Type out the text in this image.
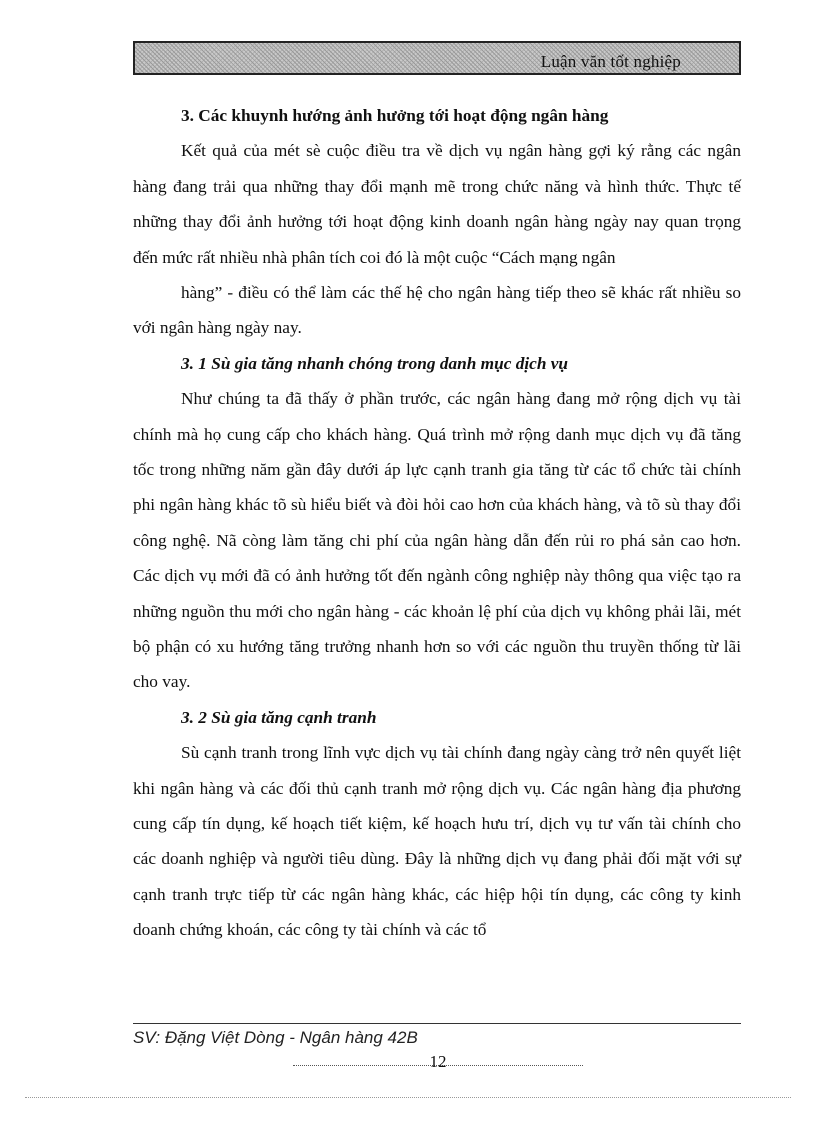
Luận văn tốt nghiệp
3. Các khuynh hướng ảnh hưởng tới hoạt động ngân hàng

Kết quả của mét sè cuộc điều tra về dịch vụ ngân hàng gợi ký rằng các ngân hàng đang trải qua những thay đổi mạnh mẽ trong chức năng và hình thức. Thực tế những thay đổi ảnh hưởng tới hoạt động kinh doanh ngân hàng ngày nay quan trọng đến mức rất nhiều nhà phân tích coi đó là một cuộc “Cách mạng ngân

hàng” - điều có thể làm các thế hệ cho ngân hàng tiếp theo sẽ khác rất nhiều so với ngân hàng ngày nay.

3. 1 Sù gia tăng nhanh chóng trong danh mục dịch vụ

Như chúng ta đã thấy ở phần trước, các ngân hàng đang mở rộng dịch vụ tài chính mà họ cung cấp cho khách hàng. Quá trình mở rộng danh mục dịch vụ đã tăng tốc trong những năm gần đây dưới áp lực cạnh tranh gia tăng từ các tổ chức tài chính phi ngân hàng khác tõ sù hiểu biết và đòi hỏi cao hơn của khách hàng, và tõ sù thay đổi công nghệ. Nã còng làm tăng chi phí của ngân hàng dẫn đến rủi ro phá sản cao hơn. Các dịch vụ mới đã có ảnh hưởng tốt đến ngành công nghiệp này thông qua việc tạo ra những nguồn thu mới cho ngân hàng - các khoản lệ phí của dịch vụ không phải lãi, mét bộ phận có xu hướng tăng trưởng nhanh hơn so với các nguồn thu truyền thống từ lãi cho vay.

3. 2 Sù gia tăng cạnh tranh

Sù cạnh tranh trong lĩnh vực dịch vụ tài chính đang ngày càng trở nên quyết liệt khi ngân hàng và các đối thủ cạnh tranh mở rộng dịch vụ. Các ngân hàng địa phương cung cấp tín dụng, kế hoạch tiết kiệm, kế hoạch hưu trí, dịch vụ tư vấn tài chính cho các doanh nghiệp và người tiêu dùng. Đây là những dịch vụ đang phải đối mặt với sự cạnh tranh trực tiếp từ các ngân hàng khác, các hiệp hội tín dụng, các công ty kinh doanh chứng khoán, các công ty tài chính và các tổ

SV: Đặng Việt Dòng - Ngân hàng 42B
12
